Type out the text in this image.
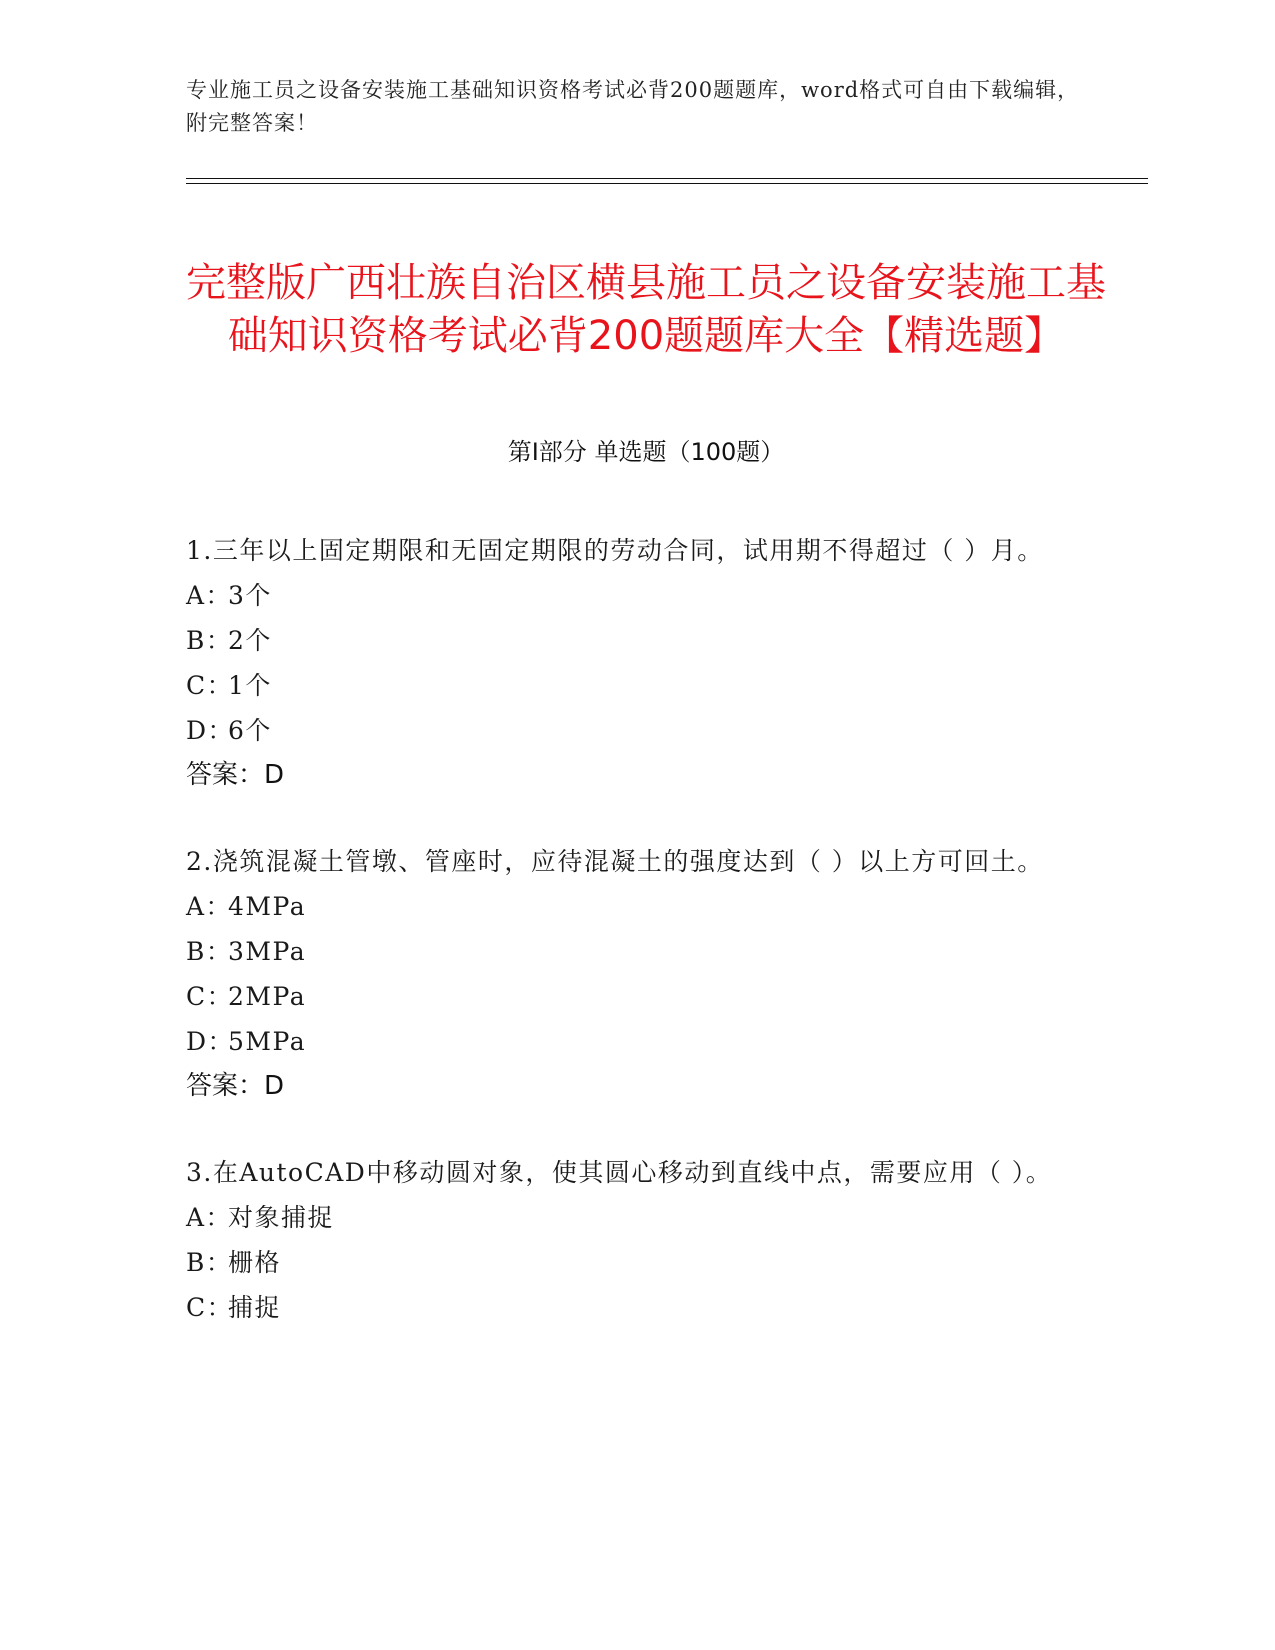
专业施工员之设备安装施工基础知识资格考试必背200题题库，word格式可自由下载编辑，附完整答案！
完整版广西壮族自治区横县施工员之设备安装施工基础知识资格考试必背200题题库大全【精选题】
第Ⅰ部分 单选题（100题）

1.三年以上固定期限和无固定期限的劳动合同，试用期不得超过（ ）月。

A：3个

B：2个

C：1个

D：6个

答案：D

2.浇筑混凝土管墩、管座时，应待混凝土的强度达到（ ）以上方可回土。

A：4MPa

B：3MPa

C：2MPa

D：5MPa

答案：D

3.在AutoCAD中移动圆对象，使其圆心移动到直线中点，需要应用（ ）。

A：对象捕捉

B：栅格

C：捕捉
